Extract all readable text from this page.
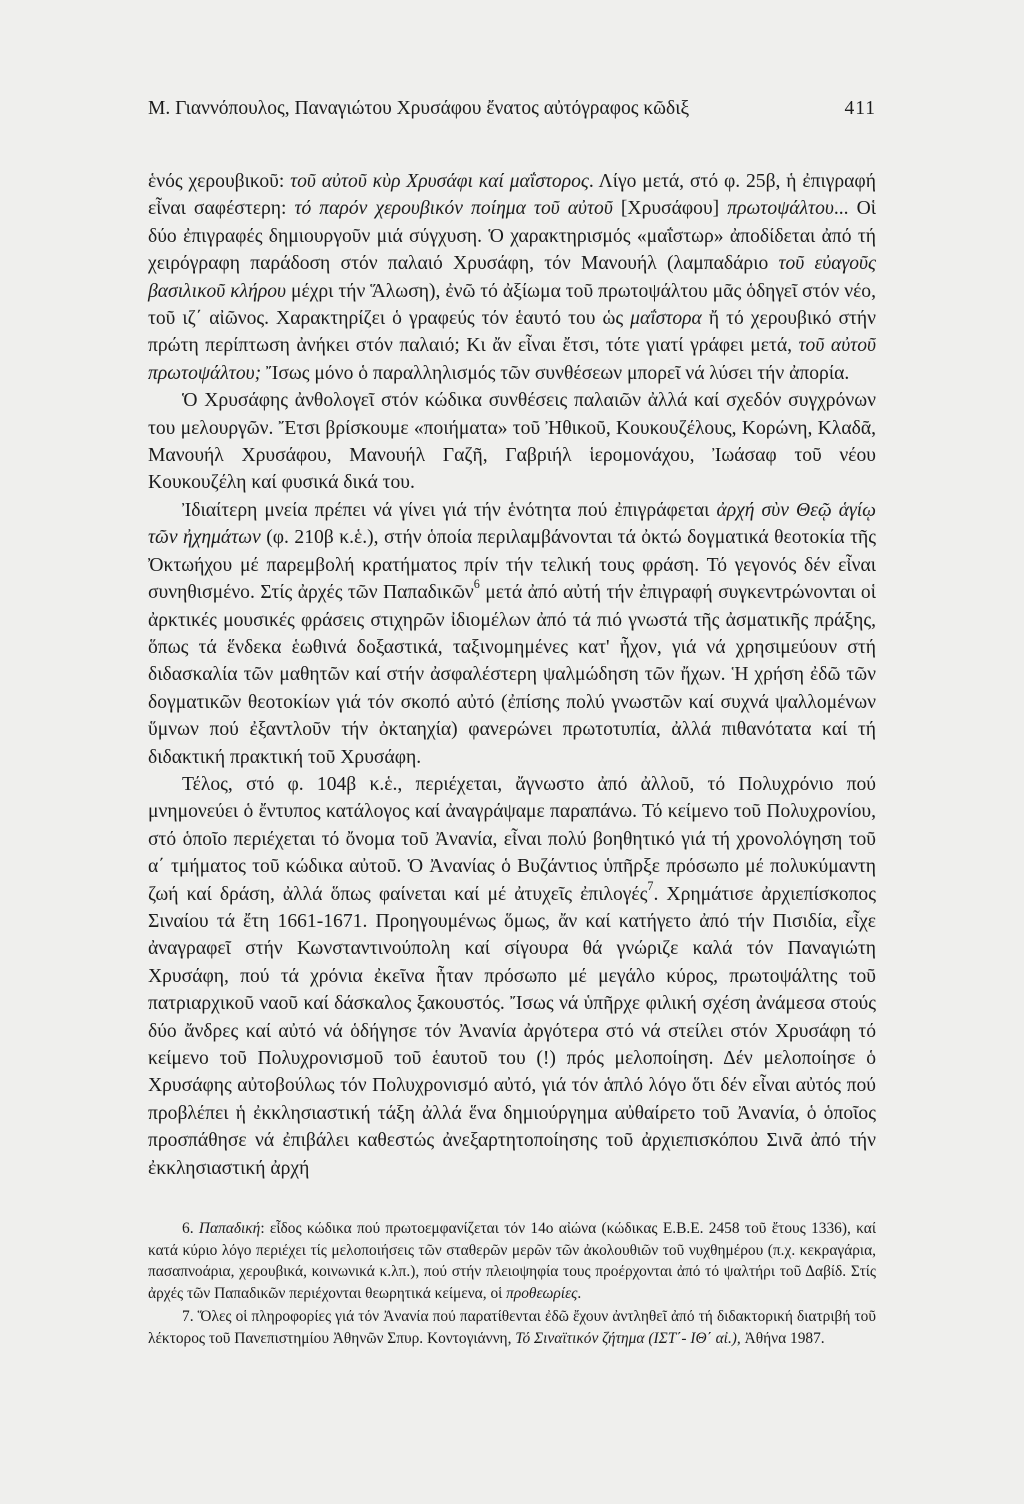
Μ. Γιαννόπουλος, Παναγιώτου Χρυσάφου ἔνατος αὐτόγραφος κῶδιξ	411

ἑνός χερουβικοῦ: τοῦ αὐτοῦ κὺρ Χρυσάφι καί μαΐστορος. Λίγο μετά, στό φ. 25β, ἡ ἐπιγραφή εἶναι σαφέστερη: τό παρόν χερουβικόν ποίημα τοῦ αὐτοῦ [Χρυσάφου] πρωτοψάλτου... Οἱ δύο ἐπιγραφές δημιουργοῦν μιά σύγχυση. Ὁ χαρακτηρισμός «μαΐστωρ» ἀποδίδεται ἀπό τή χειρόγραφη παράδοση στόν παλαιό Χρυσάφη, τόν Μανουήλ (λαμπαδάριο τοῦ εὐαγοῦς βασιλικοῦ κλήρου μέχρι τήν Ἅλωση), ἐνῶ τό ἀξίωμα τοῦ πρωτοψάλτου μᾶς ὁδηγεῖ στόν νέο, τοῦ ιζ΄ αἰῶνος. Χαρακτηρίζει ὁ γραφεύς τόν ἑαυτό του ὡς μαΐστορα ἤ τό χερουβικό στήν πρώτη περίπτωση ἀνήκει στόν παλαιό; Κι ἄν εἶναι ἔτσι, τότε γιατί γράφει μετά, τοῦ αὐτοῦ πρωτοψάλτου; Ἴσως μόνο ὁ παραλληλισμός τῶν συνθέσεων μπορεῖ νά λύσει τήν ἀπορία.

Ὁ Χρυσάφης ἀνθολογεῖ στόν κώδικα συνθέσεις παλαιῶν ἀλλά καί σχεδόν συγχρόνων του μελουργῶν. Ἔτσι βρίσκουμε «ποιήματα» τοῦ Ἠθικοῦ, Κουκουζέλους, Κορώνη, Κλαδᾶ, Μανουήλ Χρυσάφου, Μανουήλ Γαζῆ, Γαβριήλ ἱερομονάχου, Ἰωάσαφ τοῦ νέου Κουκουζέλη καί φυσικά δικά του.

Ἰδιαίτερη μνεία πρέπει νά γίνει γιά τήν ἑνότητα πού ἐπιγράφεται ἀρχή σὺν Θεῷ ἁγίῳ τῶν ἠχημάτων (φ. 210β κ.ἑ.), στήν ὁποία περιλαμβάνονται τά ὀκτώ δογματικά θεοτοκία τῆς Ὀκτωήχου μέ παρεμβολή κρατήματος πρίν τήν τελική τους φράση. Τό γεγονός δέν εἶναι συνηθισμένο. Στίς ἀρχές τῶν Παπαδικῶν$^6$ μετά ἀπό αὐτή τήν ἐπιγραφή συγκεντρώνονται οἱ ἀρκτικές μουσικές φράσεις στιχηρῶν ἰδιομέλων ἀπό τά πιό γνωστά τῆς ἀσματικῆς πράξης, ὅπως τά ἕνδεκα ἑωθινά δοξαστικά, ταξινομημένες κατ' ἦχον, γιά νά χρησιμεύουν στή διδασκαλία τῶν μαθητῶν καί στήν ἀσφαλέστερη ψαλμώδηση τῶν ἤχων. Ἡ χρήση ἐδῶ τῶν δογματικῶν θεοτοκίων γιά τόν σκοπό αὐτό (ἐπίσης πολύ γνωστῶν καί συχνά ψαλλομένων ὕμνων πού ἐξαντλοῦν τήν ὀκταηχία) φανερώνει πρωτοτυπία, ἀλλά πιθανότατα καί τή διδακτική πρακτική τοῦ Χρυσάφη.

Τέλος, στό φ. 104β κ.ἑ., περιέχεται, ἄγνωστο ἀπό ἀλλοῦ, τό Πολυχρόνιο πού μνημονεύει ὁ ἔντυπος κατάλογος καί ἀναγράψαμε παραπάνω. Τό κείμενο τοῦ Πολυχρονίου, στό ὁποῖο περιέχεται τό ὄνομα τοῦ Ἀνανία, εἶναι πολύ βοηθητικό γιά τή χρονολόγηση τοῦ α΄ τμήματος τοῦ κώδικα αὐτοῦ. Ὁ Ἀνανίας ὁ Βυζάντιος ὑπῆρξε πρόσωπο μέ πολυκύμαντη ζωή καί δράση, ἀλλά ὅπως φαίνεται καί μέ ἀτυχεῖς ἐπιλογές$^7$. Χρημάτισε ἀρχιεπίσκοπος Σιναίου τά ἔτη 1661-1671. Προηγουμένως ὅμως, ἄν καί κατήγετο ἀπό τήν Πισιδία, εἶχε ἀναγραφεῖ στήν Κωνσταντινούπολη καί σίγουρα θά γνώριζε καλά τόν Παναγιώτη Χρυσάφη, πού τά χρόνια ἐκεῖνα ἦταν πρόσωπο μέ μεγάλο κύρος, πρωτοψάλτης τοῦ πατριαρχικοῦ ναοῦ καί δάσκαλος ξακουστός. Ἴσως νά ὑπῆρχε φιλική σχέση ἀνάμεσα στούς δύο ἄνδρες καί αὐτό νά ὁδήγησε τόν Ἀνανία ἀργότερα στό νά στείλει στόν Χρυσάφη τό κείμενο τοῦ Πολυχρονισμοῦ τοῦ ἑαυτοῦ του (!) πρός μελοποίηση. Δέν μελοποίησε ὁ Χρυσάφης αὐτοβούλως τόν Πολυχρονισμό αὐτό, γιά τόν ἁπλό λόγο ὅτι δέν εἶναι αὐτός πού προβλέπει ἡ ἐκκλησιαστική τάξη ἀλλά ἕνα δημιούργημα αὐθαίρετο τοῦ Ἀνανία, ὁ ὁποῖος προσπάθησε νά ἐπιβάλει καθεστώς ἀνεξαρτητοποίησης τοῦ ἀρχιεπισκόπου Σινᾶ ἀπό τήν ἐκκλησιαστική ἀρχή

6. Παπαδική: εἶδος κώδικα πού πρωτοεμφανίζεται τόν 14ο αἰώνα (κώδικας Ε.Β.Ε. 2458 τοῦ ἔτους 1336), καί κατά κύριο λόγο περιέχει τίς μελοποιήσεις τῶν σταθερῶν μερῶν τῶν ἀκολουθιῶν τοῦ νυχθημέρου (π.χ. κεκραγάρια, πασαπνοάρια, χερουβικά, κοινωνικά κ.λπ.), πού στήν πλειοψηφία τους προέρχονται ἀπό τό ψαλτήρι τοῦ Δαβίδ. Στίς ἀρχές τῶν Παπαδικῶν περιέχονται θεωρητικά κείμενα, οἱ προθεωρίες.

7. Ὅλες οἱ πληροφορίες γιά τόν Ἀνανία πού παρατίθενται ἐδῶ ἔχουν ἀντληθεῖ ἀπό τή διδακτορική διατριβή τοῦ λέκτορος τοῦ Πανεπιστημίου Ἀθηνῶν Σπυρ. Κοντογιάννη, Τό Σιναϊτικόν ζήτημα (ΙΣΤ΄- ΙΘ΄ αἰ.), Ἀθήνα 1987.
